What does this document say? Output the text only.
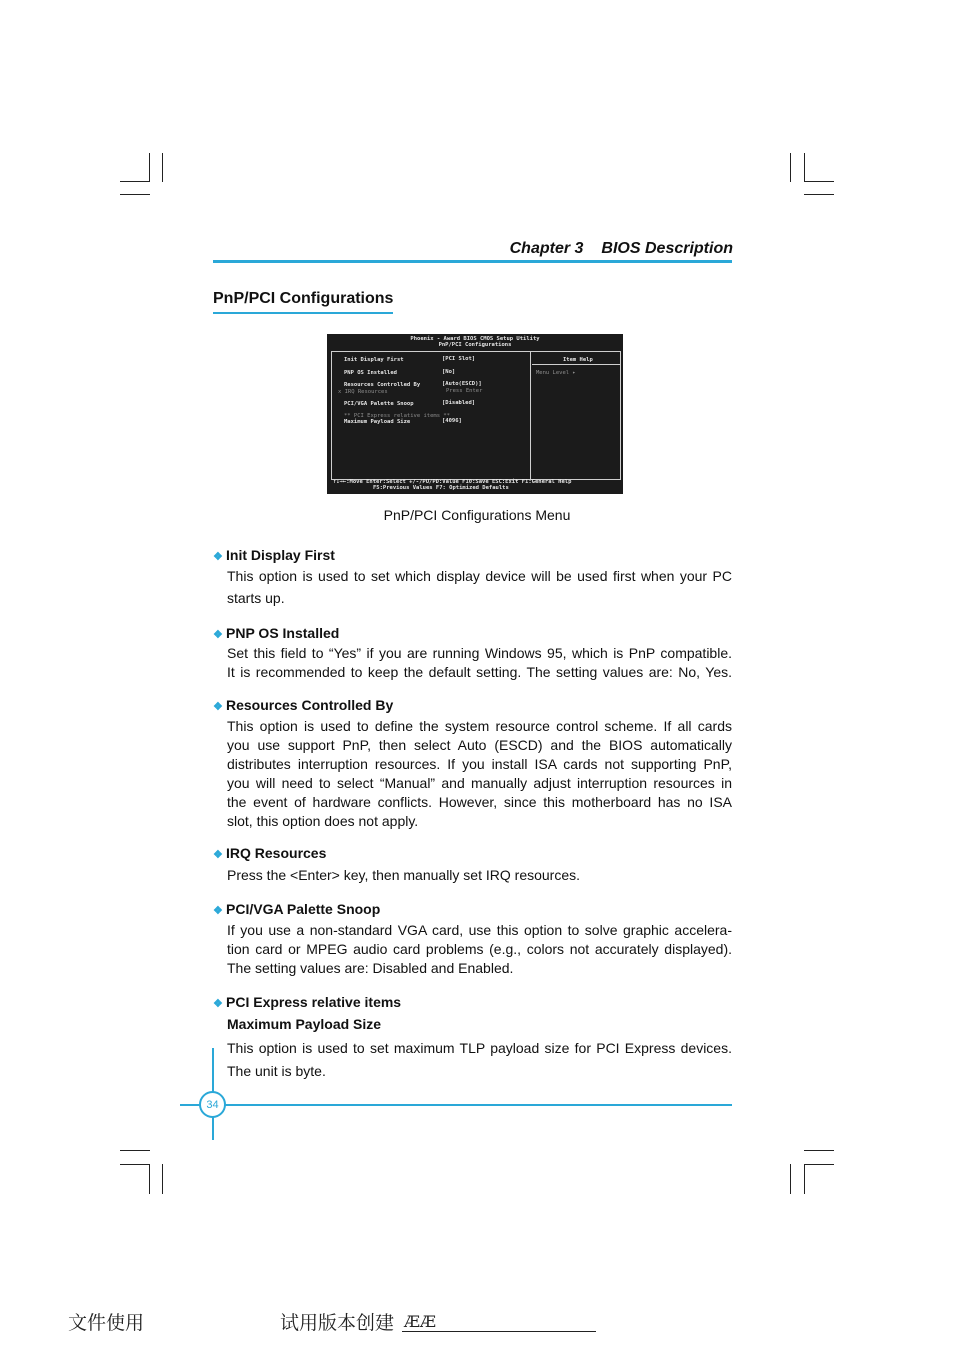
Chapter 3 BIOS Description
PnP/PCI Configurations
Phoenix - Award BIOS CMOS Setup Utility
PnP/PCI Configurations
Init Display First	[PCI Slot]
PNP OS Installed	[No]
Resources Controlled By	[Auto(ESCD)]
x IRQ Resources	Press Enter
PCI/VGA Palette Snoop	[Disabled]
** PCI Express relative items **
Maximum Payload Size	[4096]
Item Help
Menu Level ▸
↑↓→←:Move Enter:Select +/-/PU/PD:Value F10:Save ESC:Exit F1:General Help
F5:Previous Values F7: Optimized Defaults
PnP/PCI Configurations Menu
❖ Init Display First
This option is used to set which display device will be used first when your PC
starts up.
❖ PNP OS Installed
Set this field to “Yes” if you are running Windows 95, which is PnP compatible.
It is recommended to keep the default setting. The setting values are: No, Yes.
❖ Resources Controlled By
This option is used to define the system resource control scheme. If all cards
you use support PnP, then select Auto (ESCD) and the BIOS automatically
distributes interruption resources. If you install ISA cards not supporting PnP,
you will need to select “Manual” and manually adjust interruption resources in
the event of hardware conflicts. However, since this motherboard has no ISA
slot, this option does not apply.
❖ IRQ Resources
Press the <Enter> key, then manually set IRQ resources.
❖ PCI/VGA Palette Snoop
If you use a non-standard VGA card, use this option to solve graphic accelera-
tion card or MPEG audio card problems (e.g., colors not accurately displayed).
The setting values are: Disabled and Enabled.
❖ PCI Express relative items
Maximum Payload Size
This option is used to set maximum TLP payload size for PCI Express devices.
The unit is byte.
34
文件使用	试用版本创建 ÆÆ
